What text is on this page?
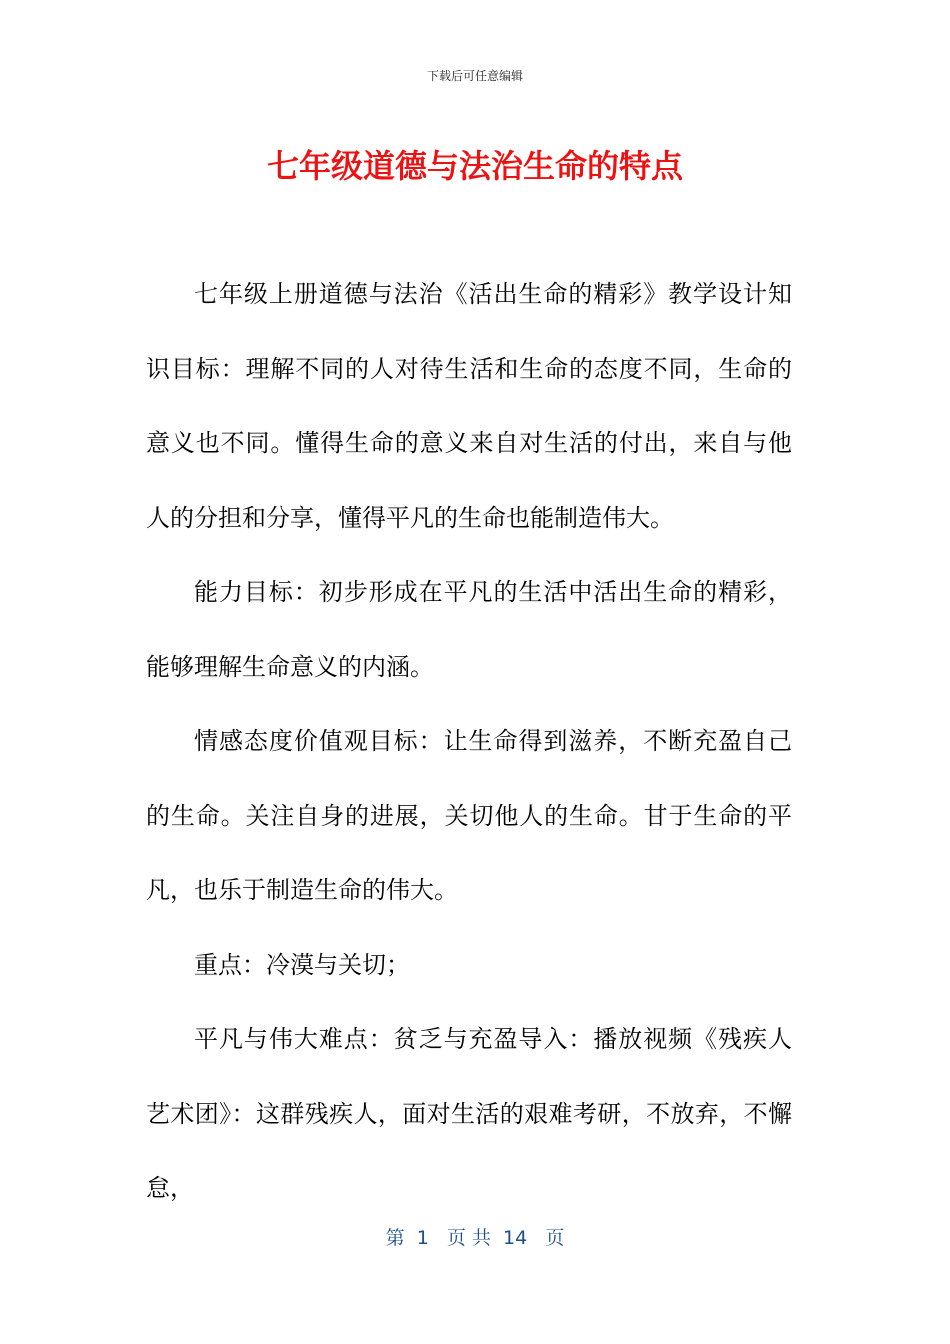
下载后可任意编辑
七年级道德与法治生命的特点

七年级上册道德与法治《活出生命的精彩》教学设计知识目标：理解不同的人对待生活和生命的态度不同，生命的意义也不同。懂得生命的意义来自对生活的付出，来自与他人的分担和分享，懂得平凡的生命也能制造伟大。

能力目标：初步形成在平凡的生活中活出生命的精彩，能够理解生命意义的内涵。

情感态度价值观目标：让生命得到滋养，不断充盈自己的生命。关注自身的进展，关切他人的生命。甘于生命的平凡，也乐于制造生命的伟大。

重点：冷漠与关切；

平凡与伟大难点：贫乏与充盈导入：播放视频《残疾人艺术团》：这群残疾人，面对生活的艰难考研，不放弃，不懈怠，

第  1   页 共  14   页
